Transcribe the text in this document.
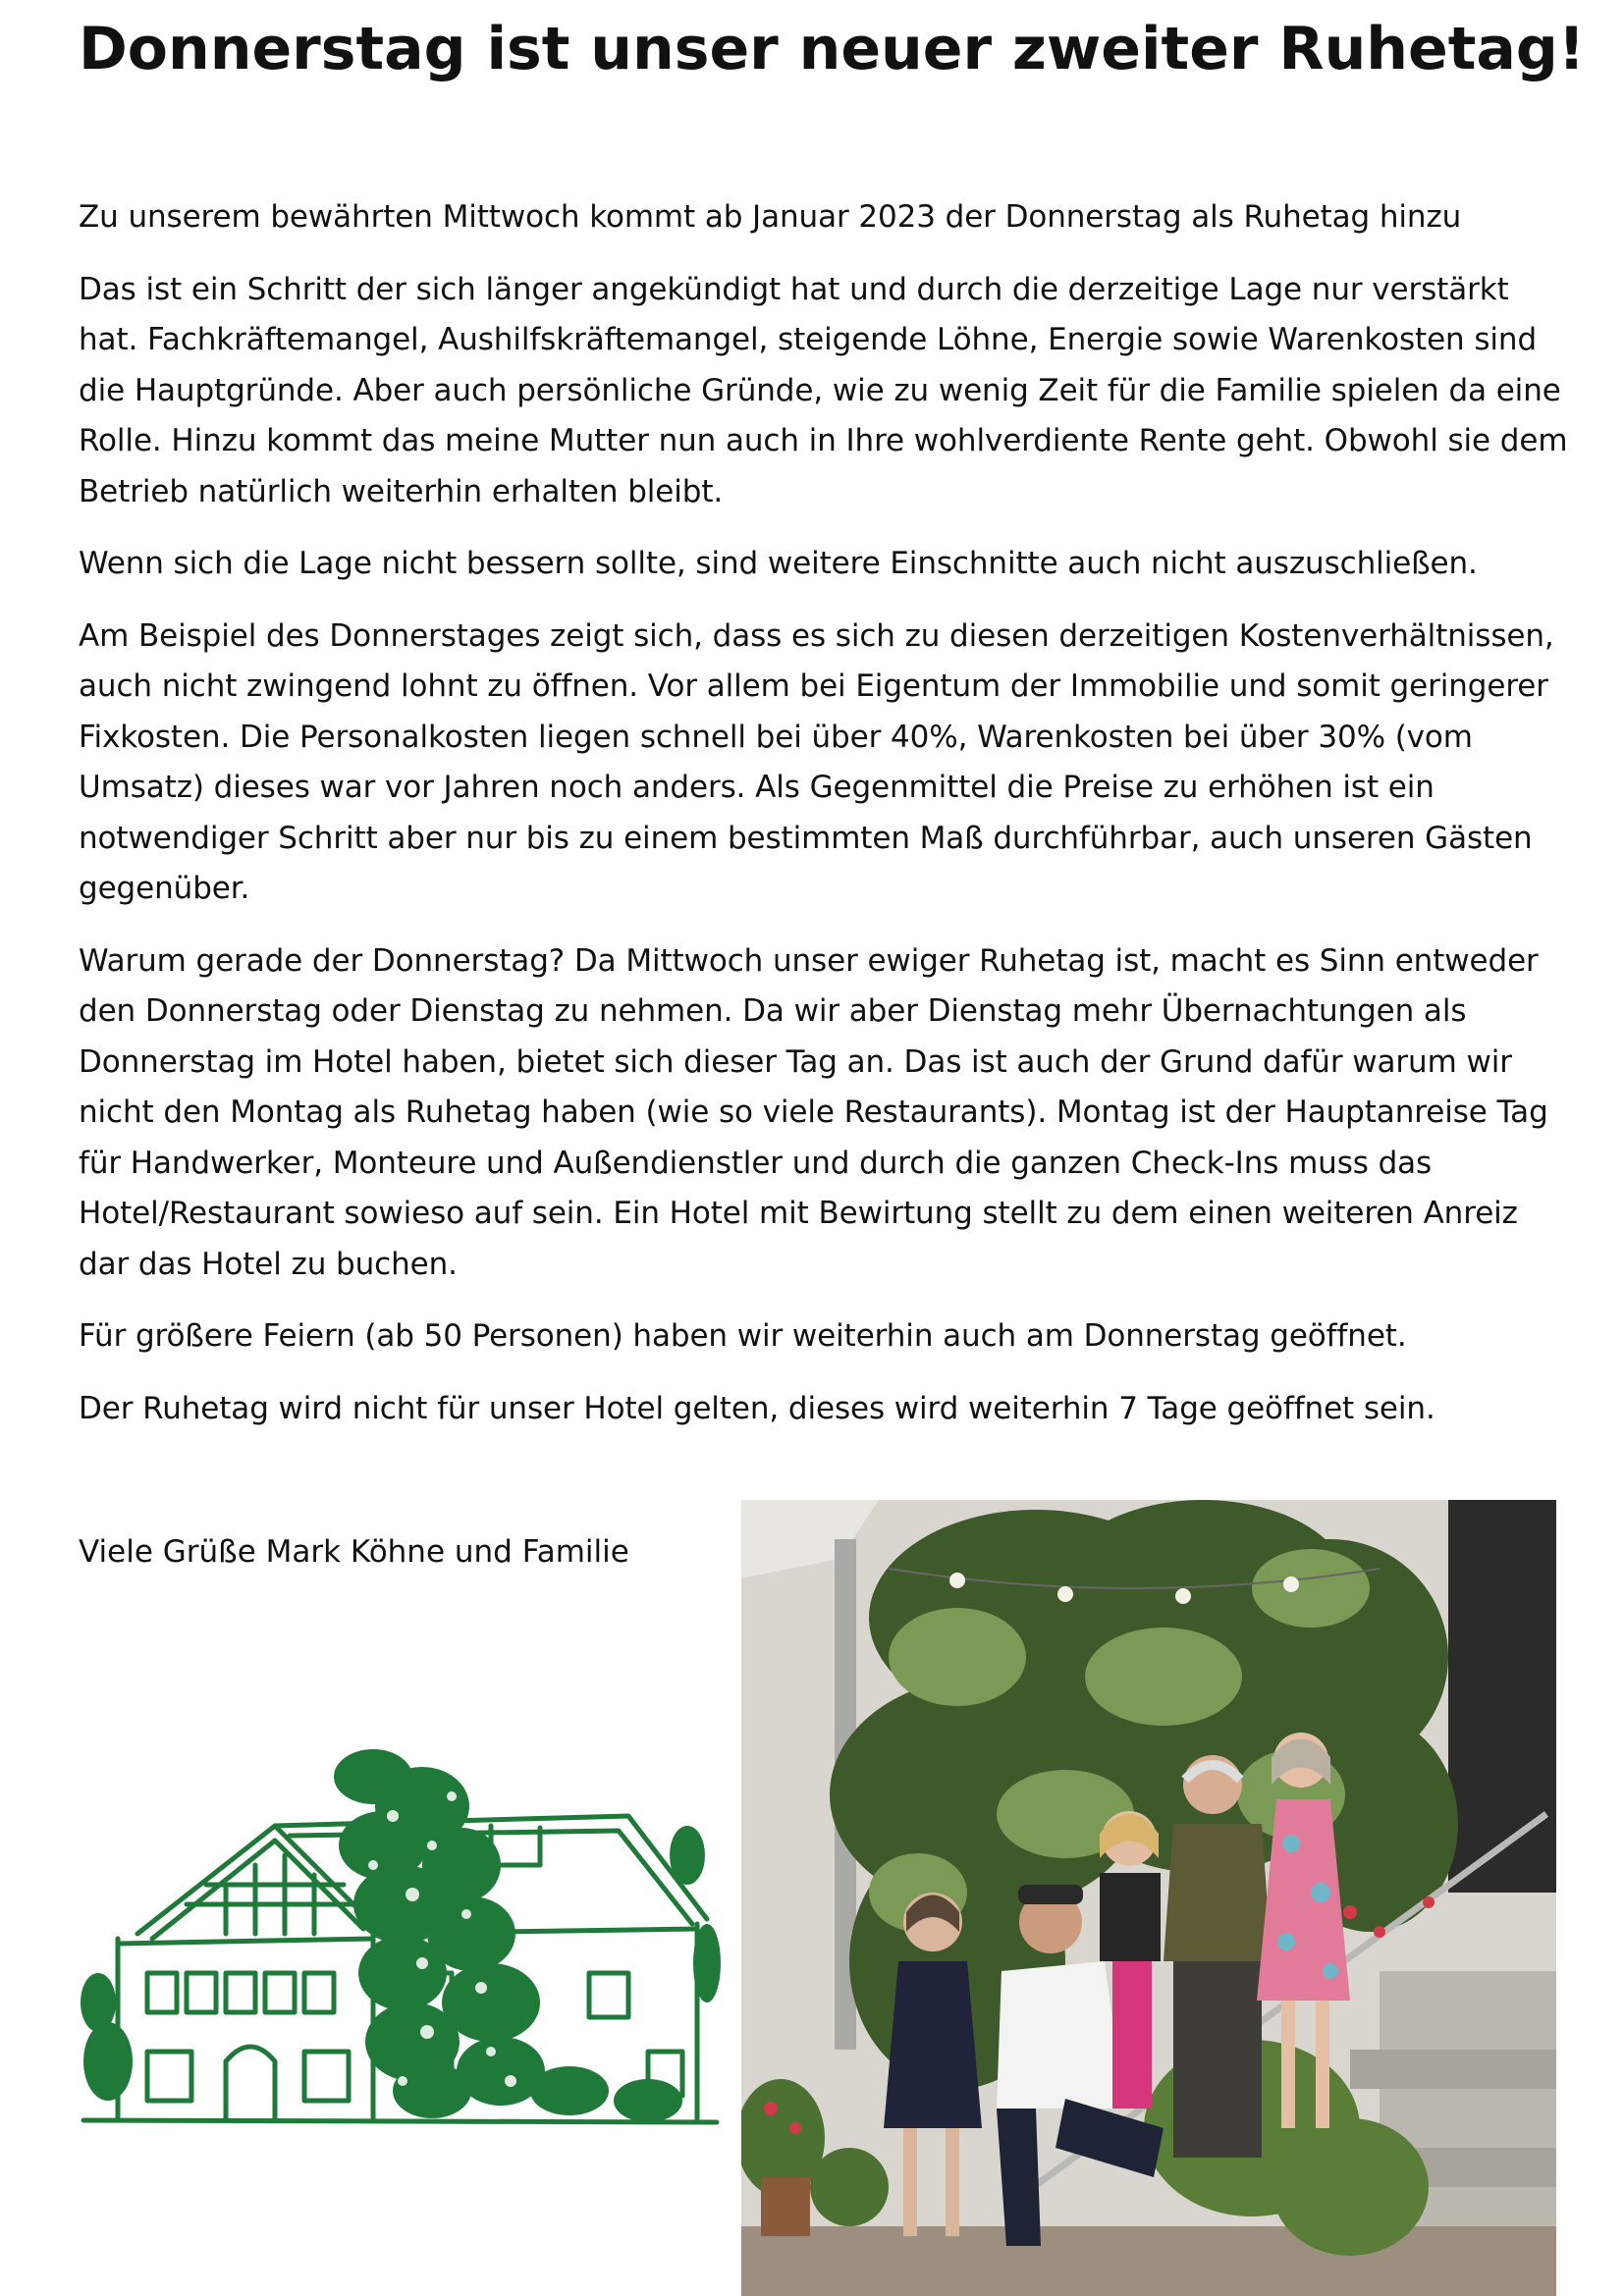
Donnerstag ist unser neuer zweiter Ruhetag!

Zu unserem bewährten Mittwoch kommt ab Januar 2023 der Donnerstag als Ruhetag hinzu

Das ist ein Schritt der sich länger angekündigt hat und durch die derzeitige Lage nur verstärkt hat. Fachkräftemangel, Aushilfskräftemangel, steigende Löhne, Energie sowie Warenkosten sind die Hauptgründe. Aber auch persönliche Gründe, wie zu wenig Zeit für die Familie spielen da eine Rolle. Hinzu kommt das meine Mutter nun auch in Ihre wohlverdiente Rente geht. Obwohl sie dem Betrieb natürlich weiterhin erhalten bleibt.

Wenn sich die Lage nicht bessern sollte, sind weitere Einschnitte auch nicht auszuschließen.

Am Beispiel des Donnerstages zeigt sich, dass es sich zu diesen derzeitigen Kostenverhältnissen, auch nicht zwingend lohnt zu öffnen. Vor allem bei Eigentum der Immobilie und somit geringerer Fixkosten. Die Personalkosten liegen schnell bei über 40%, Warenkosten bei über 30% (vom Umsatz) dieses war vor Jahren noch anders. Als Gegenmittel die Preise zu erhöhen ist ein notwendiger Schritt aber nur bis zu einem bestimmten Maß durchführbar, auch unseren Gästen gegenüber.

Warum gerade der Donnerstag? Da Mittwoch unser ewiger Ruhetag ist, macht es Sinn entweder den Donnerstag oder Dienstag zu nehmen. Da wir aber Dienstag mehr Übernachtungen als Donnerstag im Hotel haben, bietet sich dieser Tag an. Das ist auch der Grund dafür warum wir nicht den Montag als Ruhetag haben (wie so viele Restaurants). Montag ist der Hauptanreise Tag für Handwerker, Monteure und Außendienstler und durch die ganzen Check-Ins muss das Hotel/Restaurant sowieso auf sein. Ein Hotel mit Bewirtung stellt zu dem einen weiteren Anreiz dar das Hotel zu buchen.

Für größere Feiern (ab 50 Personen) haben wir weiterhin auch am Donnerstag geöffnet.

Der Ruhetag wird nicht für unser Hotel gelten, dieses wird weiterhin 7 Tage geöffnet sein.

Viele Grüße Mark Köhne und Familie
